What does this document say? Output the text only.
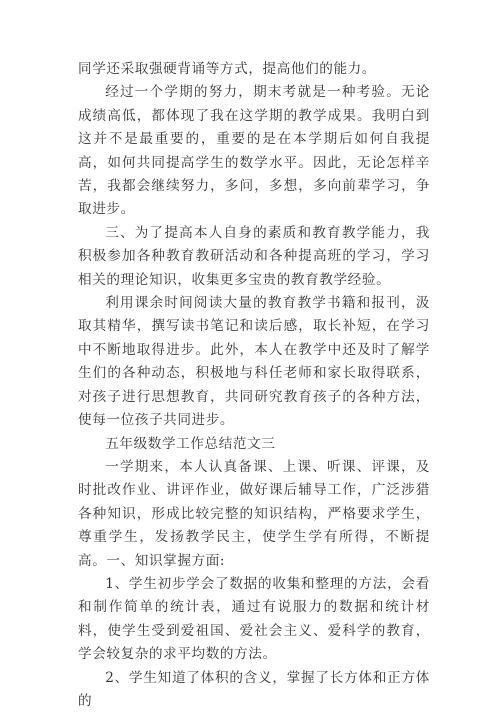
同学还采取强硬背诵等方式，提高他们的能力。

经过一个学期的努力，期末考就是一种考验。无论成绩高低，都体现了我在这学期的教学成果。我明白到这并不是最重要的，重要的是在本学期后如何自我提高，如何共同提高学生的数学水平。因此，无论怎样辛苦，我都会继续努力，多问，多想，多向前辈学习，争取进步。

三、为了提高本人自身的素质和教育教学能力，我积极参加各种教育教研活动和各种提高班的学习，学习相关的理论知识，收集更多宝贵的教育教学经验。

利用课余时间阅读大量的教育教学书籍和报刊，汲取其精华，撰写读书笔记和读后感，取长补短，在学习中不断地取得进步。此外，本人在教学中还及时了解学生们的各种动态，积极地与科任老师和家长取得联系，对孩子进行思想教育，共同研究教育孩子的各种方法，使每一位孩子共同进步。

五年级数学工作总结范文三

一学期来，本人认真备课、上课、听课、评课，及时批改作业、讲评作业，做好课后辅导工作，广泛涉猎各种知识，形成比较完整的知识结构，严格要求学生，尊重学生，发扬教学民主，使学生学有所得，不断提高。一、知识掌握方面:

1、学生初步学会了数据的收集和整理的方法，会看和制作简单的统计表，通过有说服力的数据和统计材料，使学生受到爱祖国、爱社会主义、爱科学的教育，学会较复杂的求平均数的方法。

2、学生知道了体积的含义，掌握了长方体和正方体的
